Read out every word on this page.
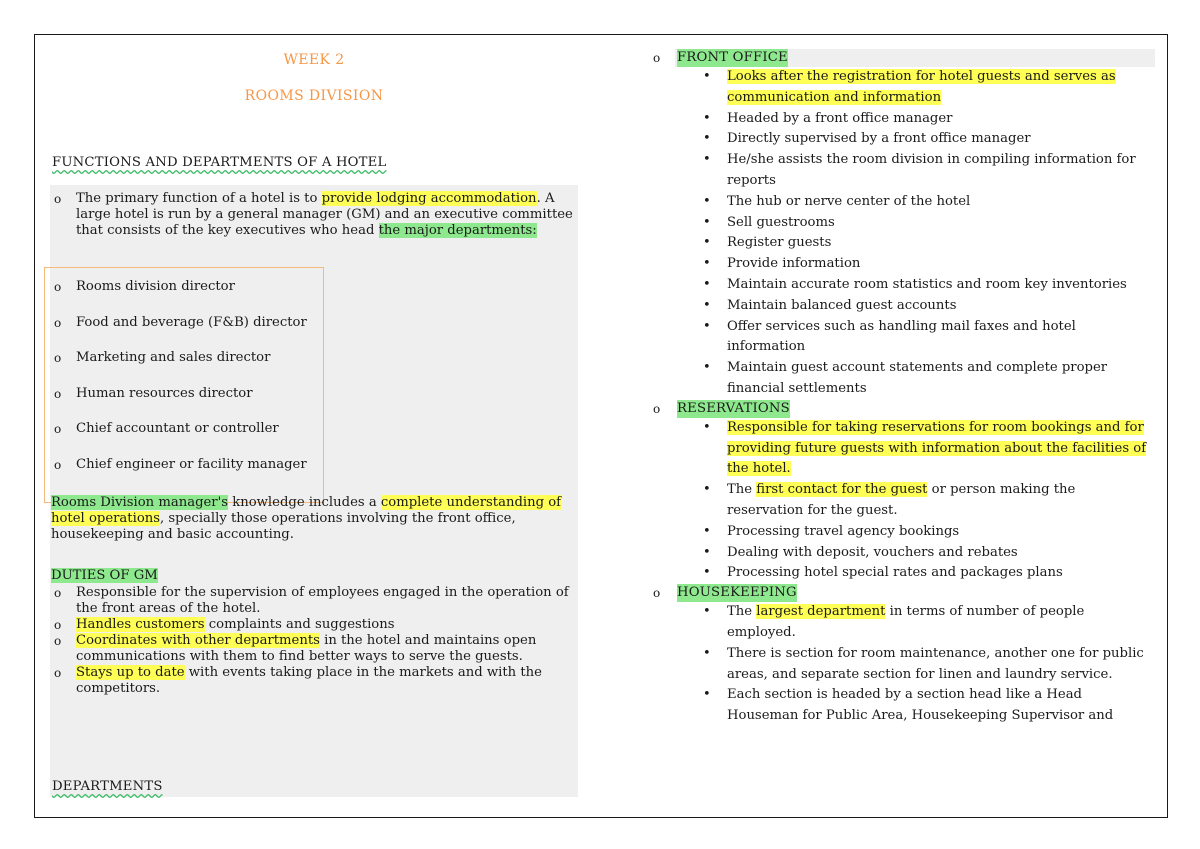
WEEK 2
ROOMS DIVISION
FUNCTIONS AND DEPARTMENTS OF A HOTEL
o	The primary function of a hotel is to provide lodging accommodation. A large hotel is run by a general manager (GM) and an executive committee that consists of the key executives who head the major departments:
o	Rooms division director
o	Food and beverage (F&B) director
o	Marketing and sales director
o	Human resources director
o	Chief accountant or controller
o	Chief engineer or facility manager
Rooms Division manager's knowledge includes a complete understanding of hotel operations, specially those operations involving the front office, housekeeping and basic accounting.
DUTIES OF GM
o	Responsible for the supervision of employees engaged in the operation of the front areas of the hotel.
o	Handles customers complaints and suggestions
o	Coordinates with other departments in the hotel and maintains open communications with them to find better ways to serve the guests.
o	Stays up to date with events taking place in the markets and with the competitors.
DEPARTMENTS
o	FRONT OFFICE
•	Looks after the registration for hotel guests and serves as communication and information
•	Headed by a front office manager
•	Directly supervised by a front office manager
•	He/she assists the room division in compiling information for reports
•	The hub or nerve center of the hotel
•	Sell guestrooms
•	Register guests
•	Provide information
•	Maintain accurate room statistics and room key inventories
•	Maintain balanced guest accounts
•	Offer services such as handling mail faxes and hotel information
•	Maintain guest account statements and complete proper financial settlements
o	RESERVATIONS
•	Responsible for taking reservations for room bookings and for providing future guests with information about the facilities of the hotel.
•	The first contact for the guest or person making the reservation for the guest.
•	Processing travel agency bookings
•	Dealing with deposit, vouchers and rebates
•	Processing hotel special rates and packages plans
o	HOUSEKEEPING
•	The largest department in terms of number of people employed.
•	There is section for room maintenance, another one for public areas, and separate section for linen and laundry service.
•	Each section is headed by a section head like a Head Houseman for Public Area, Housekeeping Supervisor and
